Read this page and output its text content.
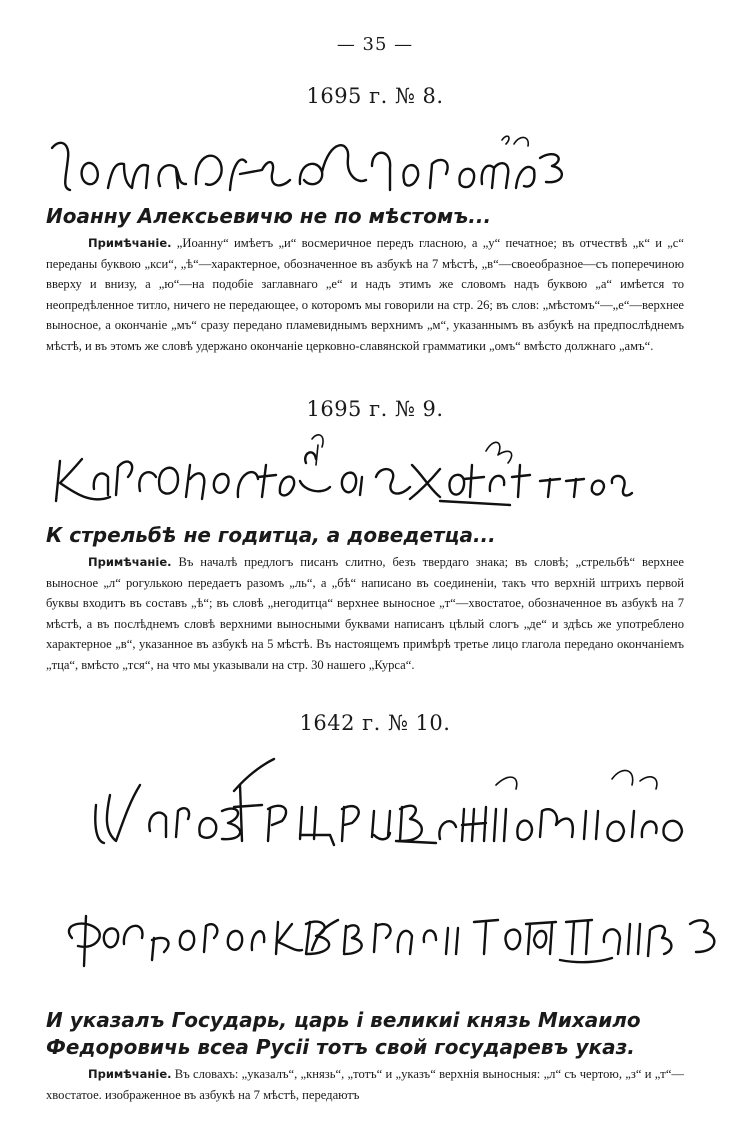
— 35 —
1695 г. № 8.
Иоанну Алексьевичю не по мѣстомъ...
Примѣчаніе. „Иоанну“ имѣетъ „и“ восмеричное передъ гласною, а „у“ печатное; въ отчествѣ „к“ и „с“ переданы буквою „кси“, „ѣ“—характерное, обозначенное въ азбукѣ на 7 мѣстѣ, „в“—своеобразное—съ поперечиною вверху и внизу, а „ю“—на подобіе заглавнаго „е“ и надъ этимъ же словомъ надъ буквою „а“ имѣется то неопредѣленное титло, ничего не передающее, о которомъ мы говорили на стр. 26; въ слов: „мѣстомъ“—„е“—верхнее выносное, а окончаніе „мъ“ сразу передано пламевиднымъ верхнимъ „м“, указаннымъ въ азбукѣ на предпослѣднемъ мѣстѣ, и въ этомъ же словѣ удержано окончаніе церковно-славянской грамматики „омъ“ вмѣсто должнаго „амъ“.
1695 г. № 9.
К стрельбѣ не годитца, а доведетца...
Примѣчаніе. Въ началѣ предлогъ писанъ слитно, безъ твердаго знака; въ словѣ; „стрельбѣ“ верхнее выносное „л“ рогулькою передаетъ разомъ „ль“, а „бѣ“ написано въ соединеніи, такъ что верхній штрихъ первой буквы входитъ въ составъ „ѣ“; въ словѣ „негодитца“ верхнее выносное „т“—хвостатое, обозначенное въ азбукѣ на 7 мѣстѣ, а въ послѣднемъ словѣ верхними выносными буквами написанъ цѣлый слогъ „де“ и здѣсь же употреблено характерное „в“, указанное въ азбукѣ на 5 мѣстѣ. Въ настоящемъ примѣрѣ третье лицо глагола передано окончаніемъ „тца“, вмѣсто „тся“, на что мы указывали на стр. 30 нашего „Курса“.
1642 г. № 10.
И указалъ Государь, царь і великиі князь Михаило Федоровичь всеа Русіі тотъ свой государевъ указ.
Примѣчаніе. Въ словахъ: „указалъ“, „князь“, „тотъ“ и „указъ“ верхнія выносныя: „л“ съ чертою, „з“ и „т“— хвостатое. изображенное въ азбукѣ на 7 мѣстѣ, передаютъ
